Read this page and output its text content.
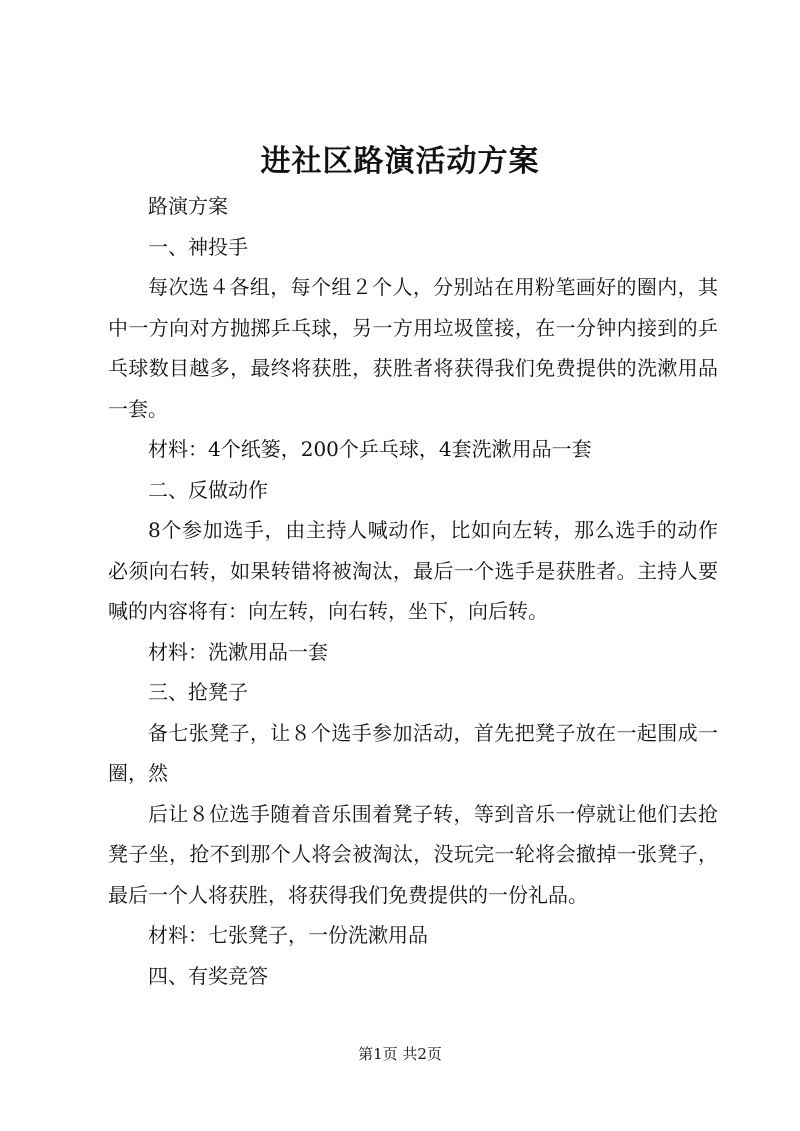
进社区路演活动方案

路演方案

一、神投手

每次选４各组，每个组２个人，分别站在用粉笔画好的圈内，其中一方向对方抛掷乒乓球，另一方用垃圾筐接，在一分钟内接到的乒乓球数目越多，最终将获胜，获胜者将获得我们免费提供的洗漱用品一套。

材料：4个纸篓，200个乒乓球，4套洗漱用品一套

二、反做动作

8个参加选手，由主持人喊动作，比如向左转，那么选手的动作必须向右转，如果转错将被淘汰，最后一个选手是获胜者。主持人要喊的内容将有：向左转，向右转，坐下，向后转。

材料：洗漱用品一套

三、抢凳子

备七张凳子，让８个选手参加活动，首先把凳子放在一起围成一圈，然

后让８位选手随着音乐围着凳子转，等到音乐一停就让他们去抢凳子坐，抢不到那个人将会被淘汰，没玩完一轮将会撤掉一张凳子，最后一个人将获胜，将获得我们免费提供的一份礼品。

材料：七张凳子，一份洗漱用品

四、有奖竞答

第1页 共2页
